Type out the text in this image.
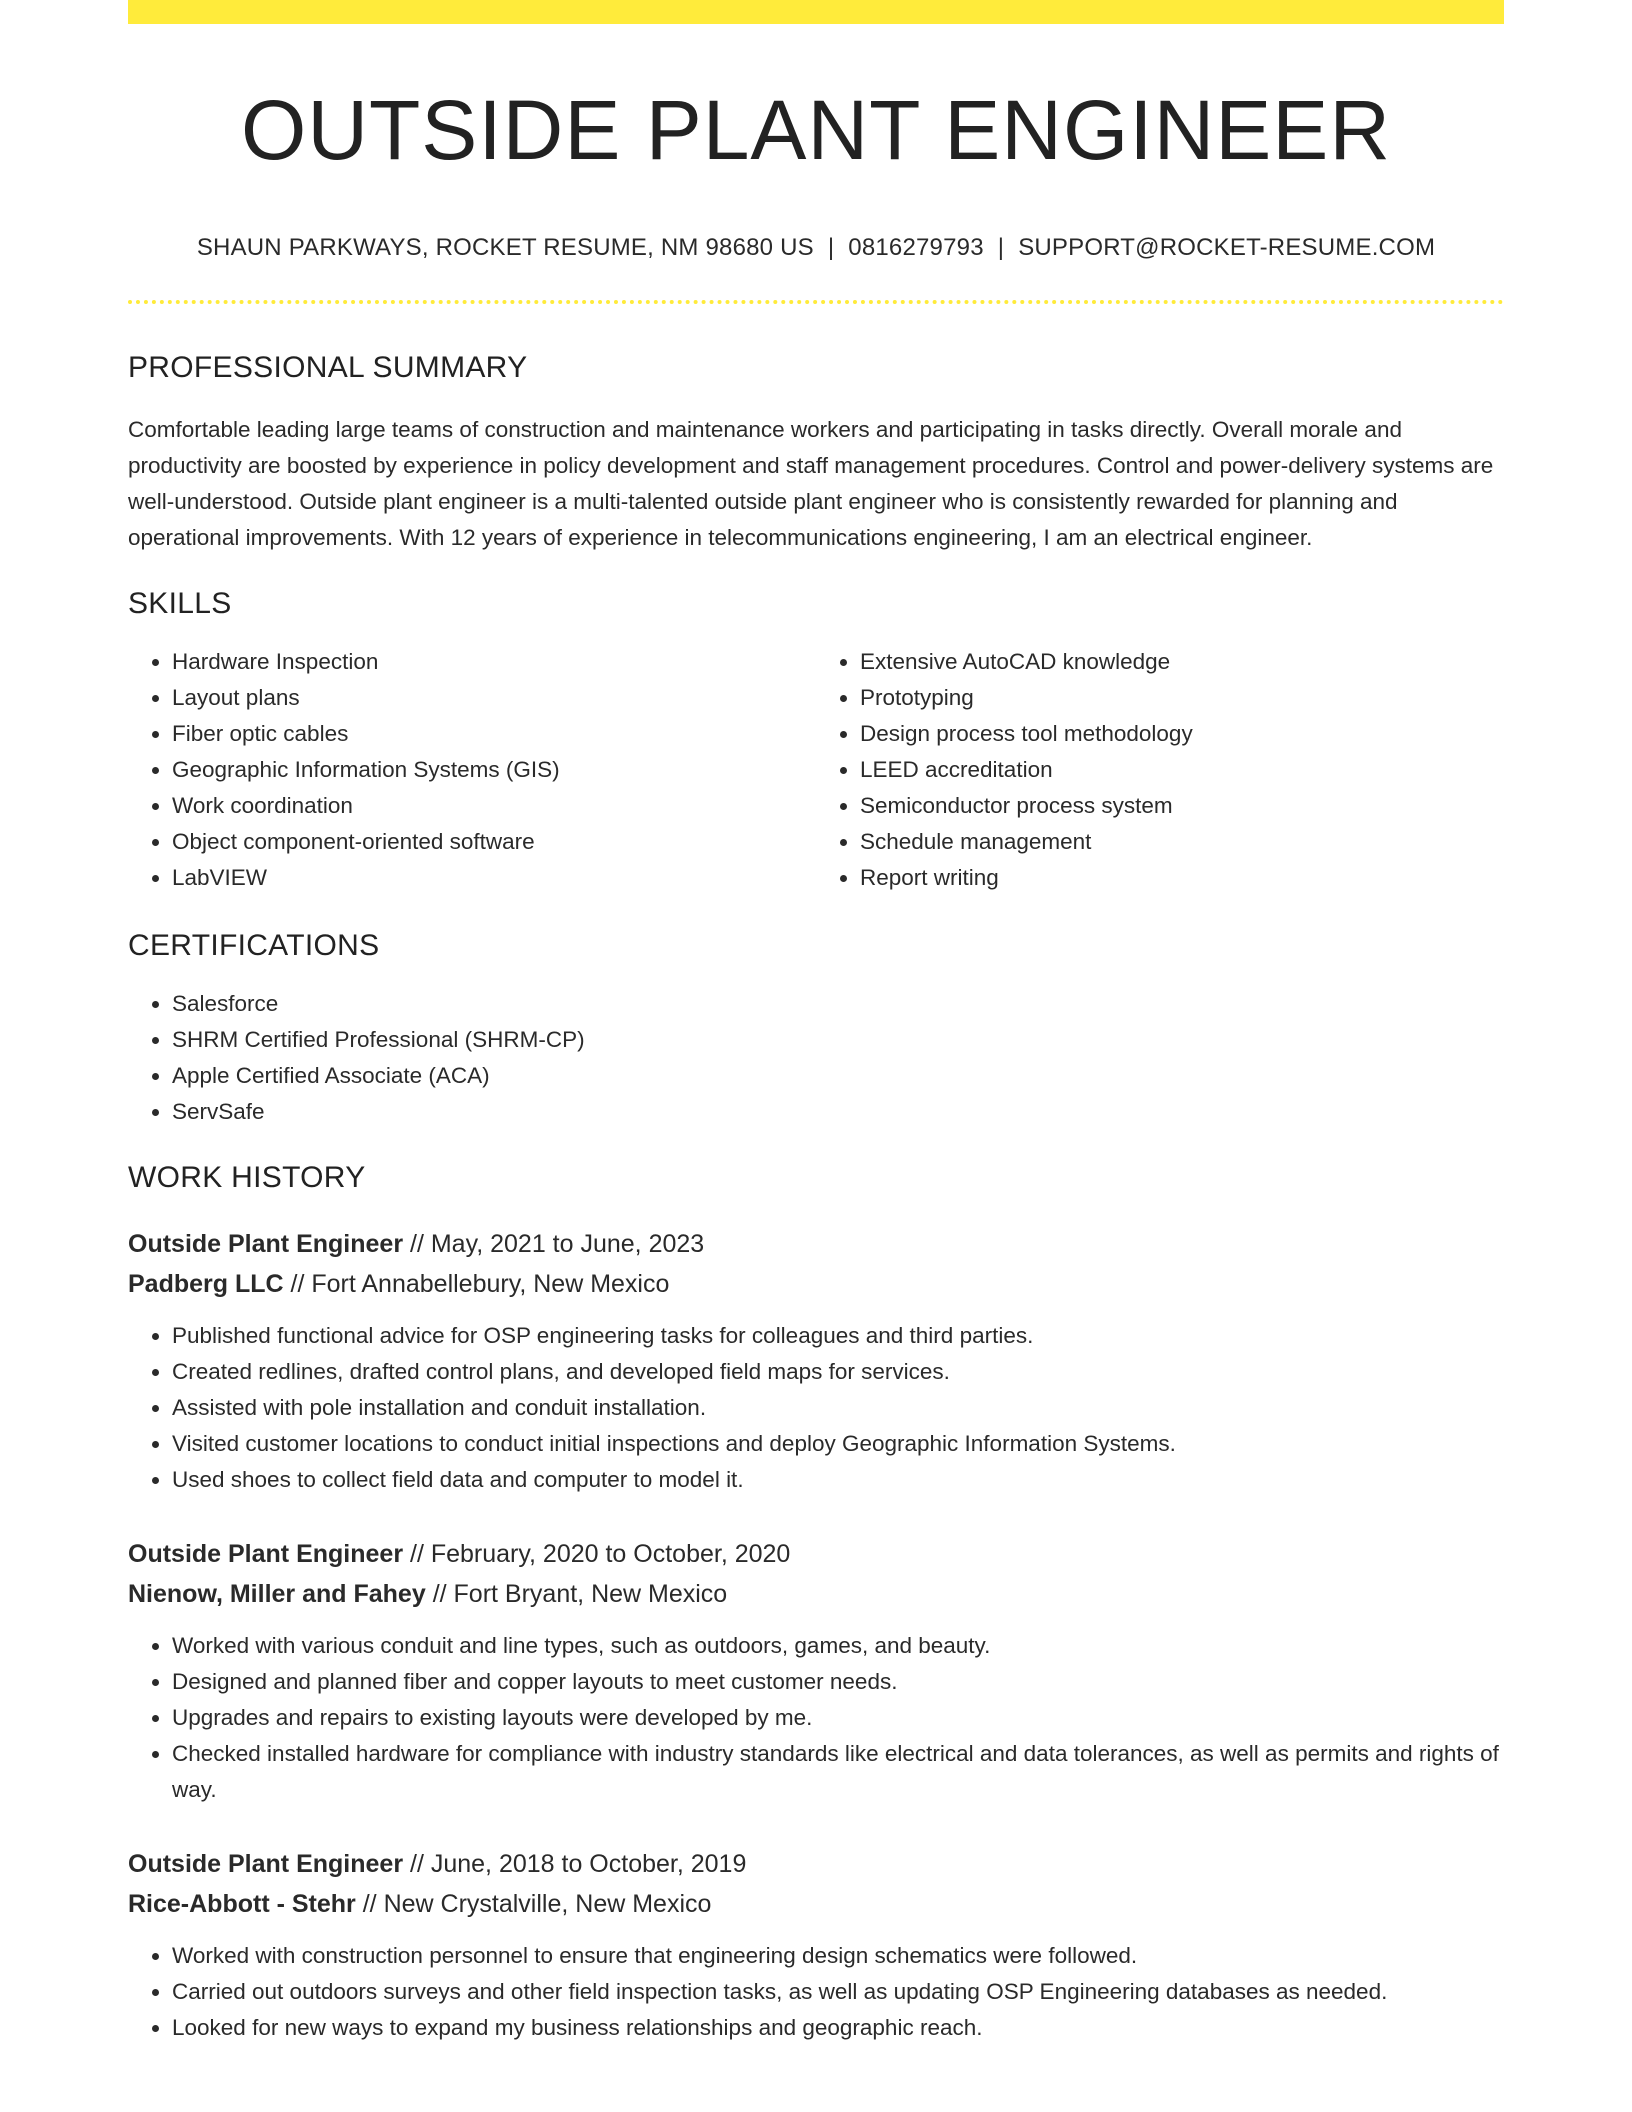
OUTSIDE PLANT ENGINEER
SHAUN PARKWAYS, ROCKET RESUME, NM 98680 US | 0816279793 | SUPPORT@ROCKET-RESUME.COM
PROFESSIONAL SUMMARY

Comfortable leading large teams of construction and maintenance workers and participating in tasks directly. Overall morale and productivity are boosted by experience in policy development and staff management procedures. Control and power-delivery systems are well-understood. Outside plant engineer is a multi-talented outside plant engineer who is consistently rewarded for planning and operational improvements. With 12 years of experience in telecommunications engineering, I am an electrical engineer.

SKILLS
• Hardware Inspection
• Layout plans
• Fiber optic cables
• Geographic Information Systems (GIS)
• Work coordination
• Object component-oriented software
• LabVIEW
• Extensive AutoCAD knowledge
• Prototyping
• Design process tool methodology
• LEED accreditation
• Semiconductor process system
• Schedule management
• Report writing
CERTIFICATIONS
• Salesforce
• SHRM Certified Professional (SHRM-CP)
• Apple Certified Associate (ACA)
• ServSafe
WORK HISTORY
Outside Plant Engineer // May, 2021 to June, 2023
Padberg LLC // Fort Annabellebury, New Mexico
• Published functional advice for OSP engineering tasks for colleagues and third parties.
• Created redlines, drafted control plans, and developed field maps for services.
• Assisted with pole installation and conduit installation.
• Visited customer locations to conduct initial inspections and deploy Geographic Information Systems.
• Used shoes to collect field data and computer to model it.
Outside Plant Engineer // February, 2020 to October, 2020
Nienow, Miller and Fahey // Fort Bryant, New Mexico
• Worked with various conduit and line types, such as outdoors, games, and beauty.
• Designed and planned fiber and copper layouts to meet customer needs.
• Upgrades and repairs to existing layouts were developed by me.
• Checked installed hardware for compliance with industry standards like electrical and data tolerances, as well as permits and rights of way.
Outside Plant Engineer // June, 2018 to October, 2019
Rice-Abbott - Stehr // New Crystalville, New Mexico
• Worked with construction personnel to ensure that engineering design schematics were followed.
• Carried out outdoors surveys and other field inspection tasks, as well as updating OSP Engineering databases as needed.
• Looked for new ways to expand my business relationships and geographic reach.
